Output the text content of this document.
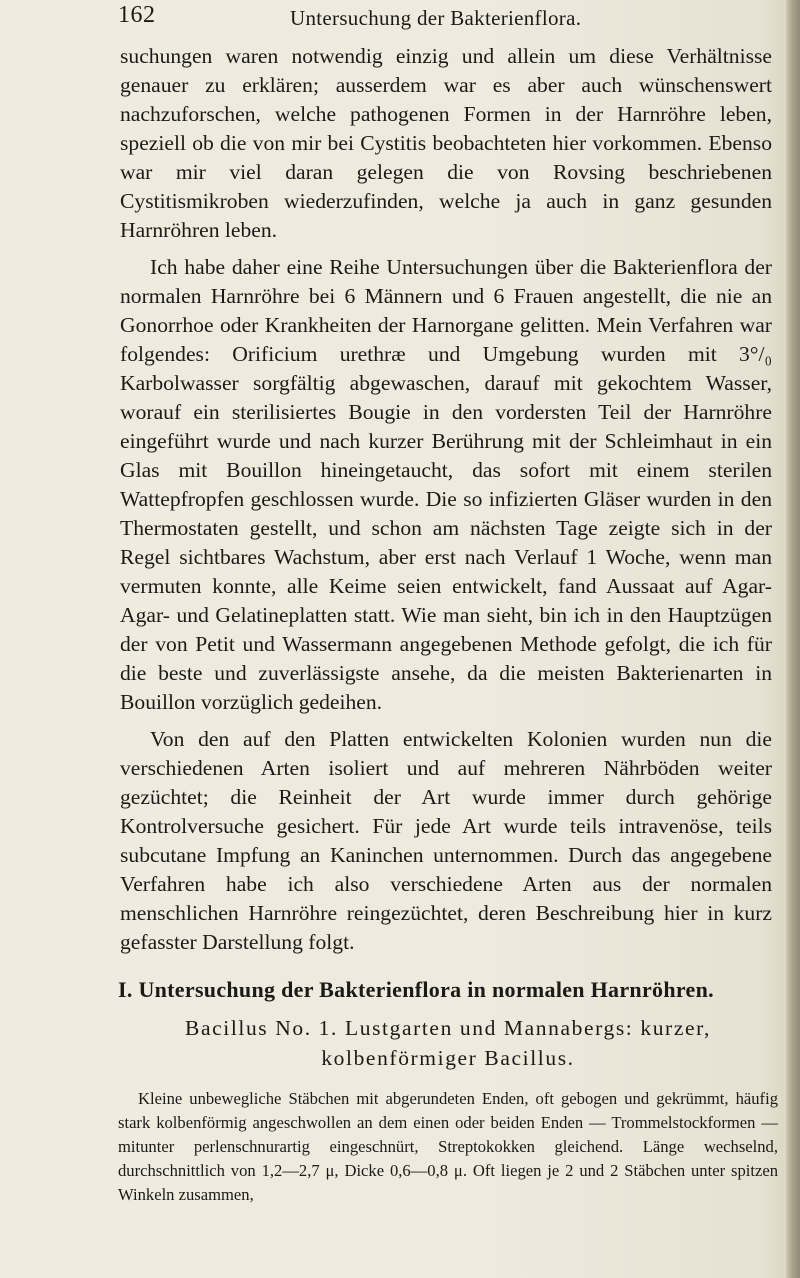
162	Untersuchung der Bakterienflora.

suchungen waren notwendig einzig und allein um diese Verhältnisse genauer zu erklären; ausserdem war es aber auch wünschenswert nachzuforschen, welche pathogenen Formen in der Harnröhre leben, speziell ob die von mir bei Cystitis beobachteten hier vorkommen. Ebenso war mir viel daran gelegen die von Rovsing beschriebenen Cystitismikroben wiederzufinden, welche ja auch in ganz gesunden Harnröhren leben.

Ich habe daher eine Reihe Untersuchungen über die Bakterienflora der normalen Harnröhre bei 6 Männern und 6 Frauen angestellt, die nie an Gonorrhoe oder Krankheiten der Harnorgane gelitten. Mein Verfahren war folgendes: Orificium urethræ und Umgebung wurden mit 3°/₀ Karbolwasser sorgfältig abgewaschen, darauf mit gekochtem Wasser, worauf ein sterilisiertes Bougie in den vordersten Teil der Harnröhre eingeführt wurde und nach kurzer Berührung mit der Schleimhaut in ein Glas mit Bouillon hineingetaucht, das sofort mit einem sterilen Wattepfropfen geschlossen wurde. Die so infizierten Gläser wurden in den Thermostaten gestellt, und schon am nächsten Tage zeigte sich in der Regel sichtbares Wachstum, aber erst nach Verlauf 1 Woche, wenn man vermuten konnte, alle Keime seien entwickelt, fand Aussaat auf Agar-Agar- und Gelatineplatten statt. Wie man sieht, bin ich in den Hauptzügen der von Petit und Wassermann angegebenen Methode gefolgt, die ich für die beste und zuverlässigste ansehe, da die meisten Bakterienarten in Bouillon vorzüglich gedeihen.

Von den auf den Platten entwickelten Kolonien wurden nun die verschiedenen Arten isoliert und auf mehreren Nährböden weiter gezüchtet; die Reinheit der Art wurde immer durch gehörige Kontrolversuche gesichert. Für jede Art wurde teils intravenöse, teils subcutane Impfung an Kaninchen unternommen. Durch das angegebene Verfahren habe ich also verschiedene Arten aus der normalen menschlichen Harnröhre reingezüchtet, deren Beschreibung hier in kurz gefasster Darstellung folgt.

I. Untersuchung der Bakterienflora in normalen Harnröhren.

Bacillus No. 1. Lustgarten und Mannabergs: kurzer, kolbenförmiger Bacillus.

Kleine unbewegliche Stäbchen mit abgerundeten Enden, oft gebogen und gekrümmt, häufig stark kolbenförmig angeschwollen an dem einen oder beiden Enden — Trommelstockformen — mitunter perlenschnurartig eingeschnürt, Streptokokken gleichend. Länge wechselnd, durchschnittlich von 1,2—2,7 μ, Dicke 0,6—0,8 μ. Oft liegen je 2 und 2 Stäbchen unter spitzen Winkeln zusammen,
